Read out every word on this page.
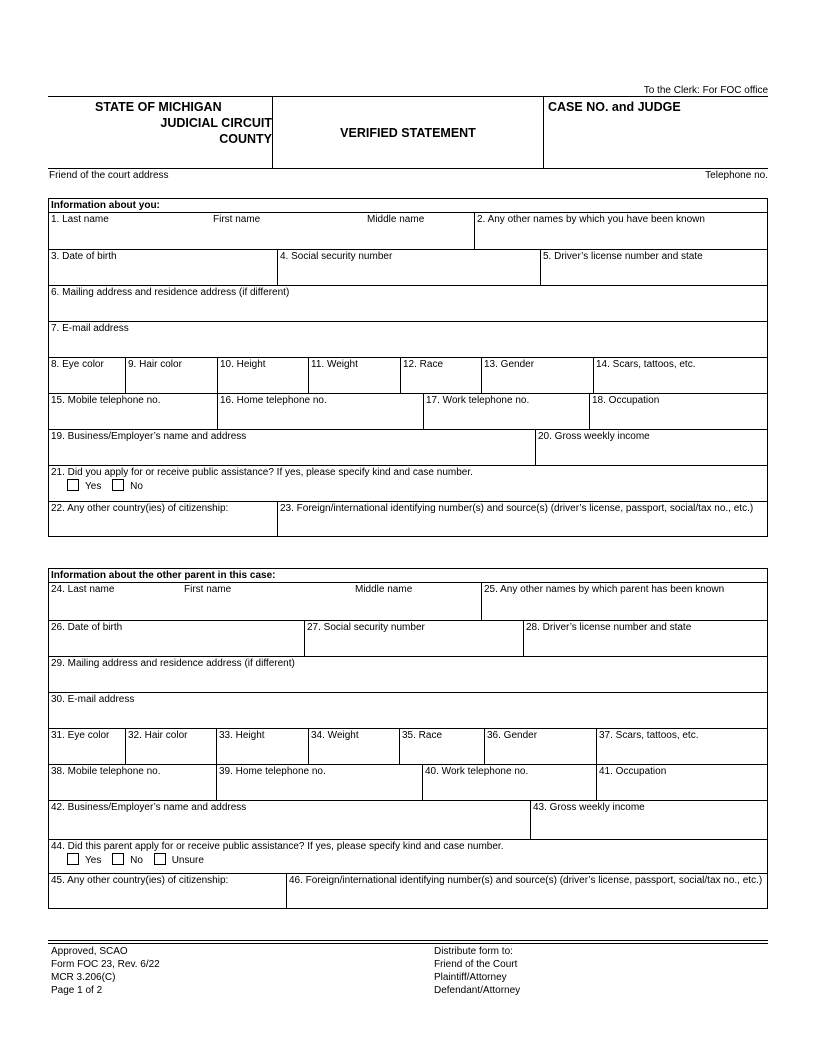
To the Clerk: For FOC office
STATE OF MICHIGAN
JUDICIAL CIRCUIT
COUNTY	VERIFIED STATEMENT
CASE NO. and JUDGE
Friend of the court address	Telephone no.
Information about you:
1. Last name	First name	Middle name	2. Any other names by which you have been known
3. Date of birth	4. Social security number	5. Driver’s license number and state
6. Mailing address and residence address (if different)
7. E-mail address
8. Eye color	9. Hair color	10. Height	11. Weight	12. Race	13. Gender	14. Scars, tattoos, etc.
15. Mobile telephone no.	16. Home telephone no.	17. Work telephone no.	18. Occupation
19. Business/Employer’s name and address	20. Gross weekly income
21. Did you apply for or receive public assistance? If yes, please specify kind and case number.
Yes	No
22. Any other country(ies) of citizenship:	23. Foreign/international identifying number(s) and source(s) (driver’s license, passport, social/tax no., etc.)
Information about the other parent in this case:
24. Last name	First name	Middle name	25. Any other names by which parent has been known
26. Date of birth	27. Social security number	28. Driver’s license number and state
29. Mailing address and residence address (if different)
30. E-mail address
31. Eye color	32. Hair color	33. Height	34. Weight	35. Race	36. Gender	37. Scars, tattoos, etc.
38. Mobile telephone no.	39. Home telephone no.	40. Work telephone no.	41. Occupation
42. Business/Employer’s name and address	43. Gross weekly income
44. Did this parent apply for or receive public assistance? If yes, please specify kind and case number.
Yes	No	Unsure
45. Any other country(ies) of citizenship:	46. Foreign/international identifying number(s) and source(s) (driver’s license, passport, social/tax no., etc.)
Approved, SCAO
Form FOC 23, Rev. 6/22
MCR 3.206(C)
Page 1 of 2
Distribute form to:
Friend of the Court
Plaintiff/Attorney
Defendant/Attorney
